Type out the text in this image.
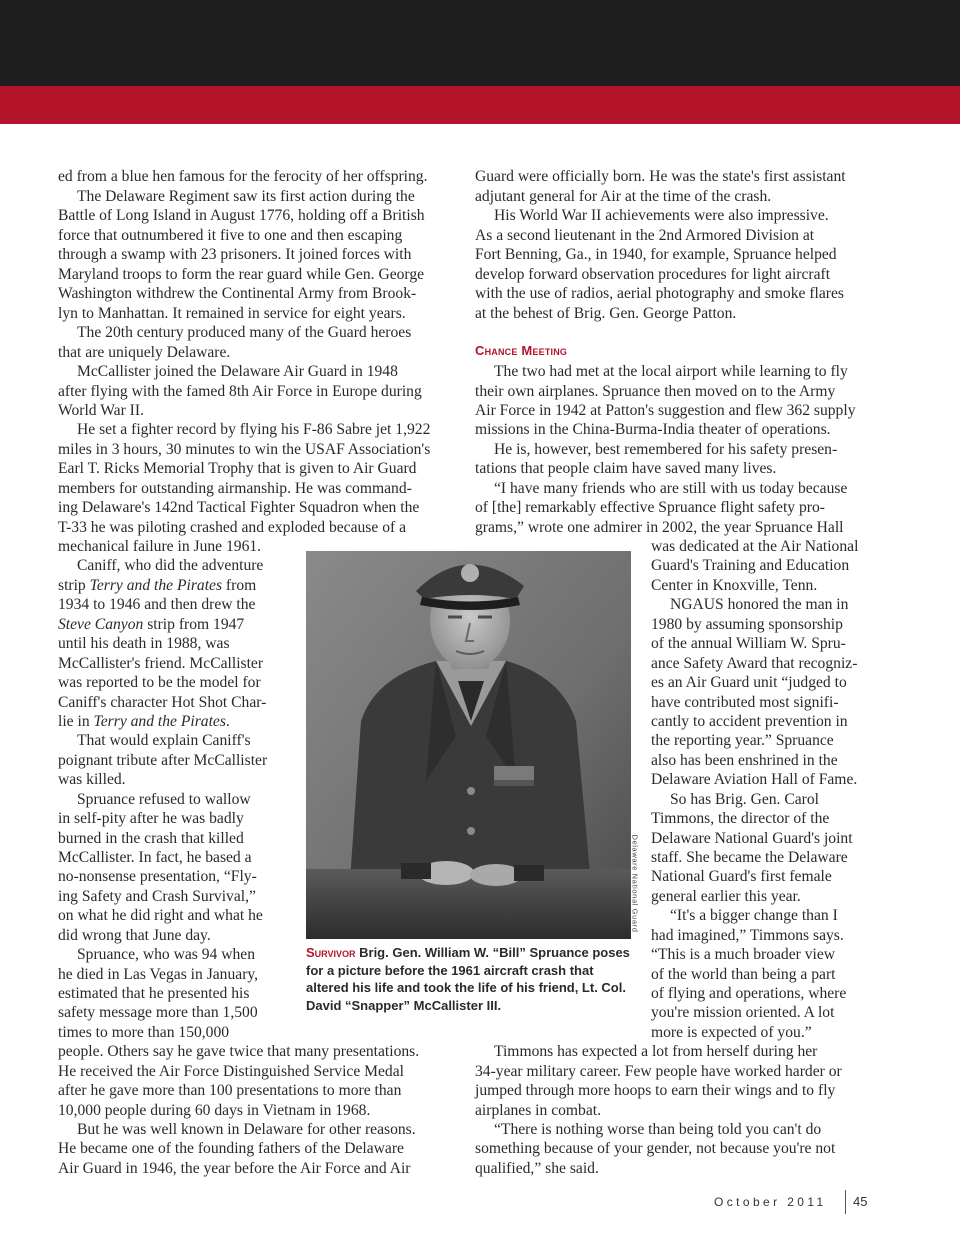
ed from a blue hen famous for the ferocity of her offspring.
The Delaware Regiment saw its first action during the
Battle of Long Island in August 1776, holding off a British
force that outnumbered it five to one and then escaping
through a swamp with 23 prisoners. It joined forces with
Maryland troops to form the rear guard while Gen. George
Washington withdrew the Continental Army from Brook-
lyn to Manhattan. It remained in service for eight years.
The 20th century produced many of the Guard heroes
that are uniquely Delaware.
McCallister joined the Delaware Air Guard in 1948
after flying with the famed 8th Air Force in Europe during
World War II.
He set a fighter record by flying his F-86 Sabre jet 1,922
miles in 3 hours, 30 minutes to win the USAF Association's
Earl T. Ricks Memorial Trophy that is given to Air Guard
members for outstanding airmanship. He was command-
ing Delaware's 142nd Tactical Fighter Squadron when the
T-33 he was piloting crashed and exploded because of a
mechanical failure in June 1961.
Caniff, who did the adventure
strip Terry and the Pirates from
1934 to 1946 and then drew the
Steve Canyon strip from 1947
until his death in 1988, was
McCallister's friend. McCallister
was reported to be the model for
Caniff's character Hot Shot Char-
lie in Terry and the Pirates.
That would explain Caniff's
poignant tribute after McCallister
was killed.
Spruance refused to wallow
in self-pity after he was badly
burned in the crash that killed
McCallister. In fact, he based a
no-nonsense presentation, “Fly-
ing Safety and Crash Survival,”
on what he did right and what he
did wrong that June day.
Spruance, who was 94 when
he died in Las Vegas in January,
estimated that he presented his
safety message more than 1,500
times to more than 150,000
people. Others say he gave twice that many presentations.
He received the Air Force Distinguished Service Medal
after he gave more than 100 presentations to more than
10,000 people during 60 days in Vietnam in 1968.
But he was well known in Delaware for other reasons.
He became one of the founding fathers of the Delaware
Air Guard in 1946, the year before the Air Force and Air
Guard were officially born. He was the state's first assistant
adjutant general for Air at the time of the crash.
His World War II achievements were also impressive.
As a second lieutenant in the 2nd Armored Division at
Fort Benning, Ga., in 1940, for example, Spruance helped
develop forward observation procedures for light aircraft
with the use of radios, aerial photography and smoke flares
at the behest of Brig. Gen. George Patton.
Chance Meeting
The two had met at the local airport while learning to fly
their own airplanes. Spruance then moved on to the Army
Air Force in 1942 at Patton's suggestion and flew 362 supply
missions in the China-Burma-India theater of operations.
He is, however, best remembered for his safety presen-
tations that people claim have saved many lives.
“I have many friends who are still with us today because
of [the] remarkably effective Spruance flight safety pro-
grams,” wrote one admirer in 2002, the year Spruance Hall
was dedicated at the Air National
Guard's Training and Education
Center in Knoxville, Tenn.
NGAUS honored the man in
1980 by assuming sponsorship
of the annual William W. Spru-
ance Safety Award that recogniz-
es an Air Guard unit “judged to
have contributed most signifi-
cantly to accident prevention in
the reporting year.” Spruance
also has been enshrined in the
Delaware Aviation Hall of Fame.
So has Brig. Gen. Carol
Timmons, the director of the
Delaware National Guard's joint
staff. She became the Delaware
National Guard's first female
general earlier this year.
“It's a bigger change than I
had imagined,” Timmons says.
“This is a much broader view
of the world than being a part
of flying and operations, where
you're mission oriented. A lot
more is expected of you.”
Timmons has expected a lot from herself during her
34-year military career. Few people have worked harder or
jumped through more hoops to earn their wings and to fly
airplanes in combat.
“There is nothing worse than being told you can't do
something because of your gender, not because you're not
qualified,” she said.
Delaware National Guard
Survivor Brig. Gen. William W. “Bill” Spruance poses for a picture before the 1961 aircraft crash that altered his life and took the life of his friend, Lt. Col. David “Snapper” McCallister III.
October 2011 45
